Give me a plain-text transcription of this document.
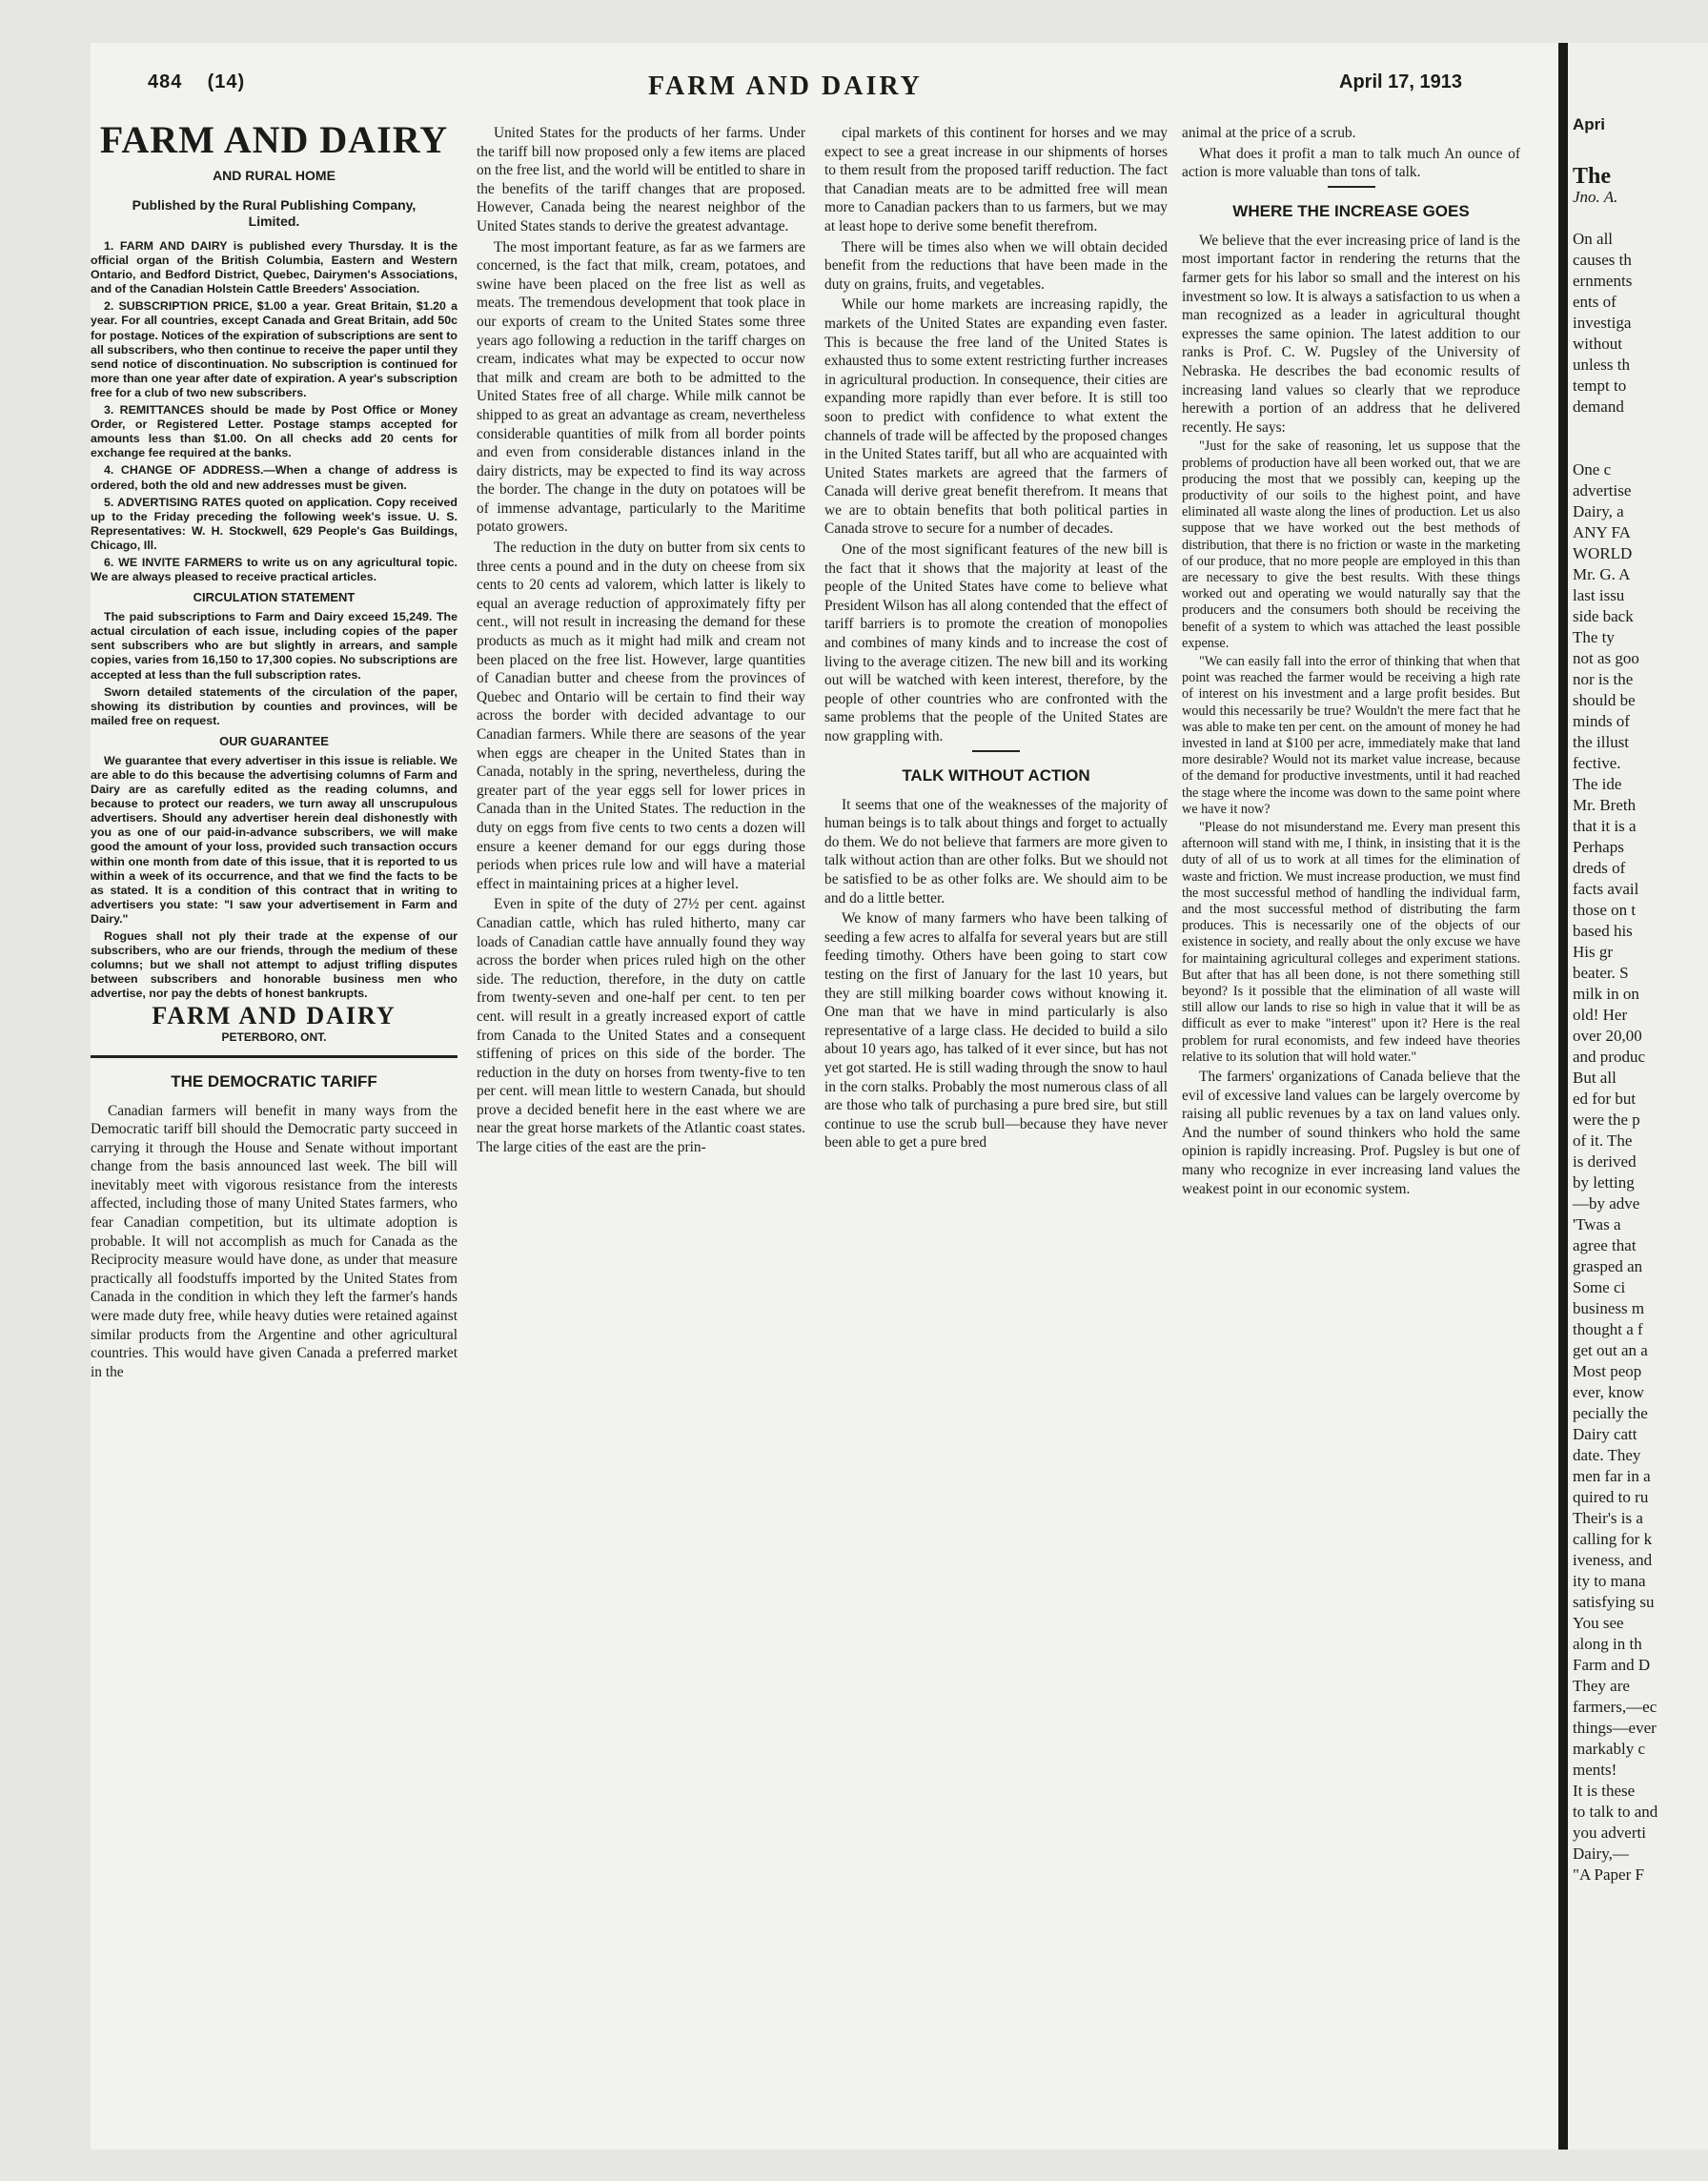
484 (14)	FARM AND DAIRY	April 17, 1913
FARM AND DAIRY
AND RURAL HOME
Published by the Rural Publishing Company, Limited.
1. FARM AND DAIRY is published every Thursday. It is the official organ of the British Columbia, Eastern and Western Ontario, and Bedford District, Quebec, Dairymen's Associations, and of the Canadian Holstein Cattle Breeders' Association.
2. SUBSCRIPTION PRICE, $1.00 a year. Great Britain, $1.20 a year. For all countries, except Canada and Great Britain, add 50c for postage. Notices of the expiration of subscriptions are sent to all subscribers, who then continue to receive the paper until they send notice of discontinuation. No subscription is continued for more than one year after date of expiration. A year's subscription free for a club of two new subscribers.
3. REMITTANCES should be made by Post Office or Money Order, or Registered Letter. Postage stamps accepted for amounts less than $1.00. On all checks add 20 cents for exchange fee required at the banks.
4. CHANGE OF ADDRESS.—When a change of address is ordered, both the old and new addresses must be given.
5. ADVERTISING RATES quoted on application. Copy received up to the Friday preceding the following week's issue. U. S. Representatives: W. H. Stockwell, 629 People's Gas Buildings, Chicago, Ill.
6. WE INVITE FARMERS to write us on any agricultural topic. We are always pleased to receive practical articles.
CIRCULATION STATEMENT
The paid subscriptions to Farm and Dairy exceed 15,249. The actual circulation of each issue, including copies of the paper sent subscribers who are but slightly in arrears, and sample copies, varies from 16,150 to 17,300 copies. No subscriptions are accepted at less than the full subscription rates.
Sworn detailed statements of the circulation of the paper, showing its distribution by counties and provinces, will be mailed free on request.
OUR GUARANTEE
We guarantee that every advertiser in this issue is reliable. We are able to do this because the advertising columns of Farm and Dairy are as carefully edited as the reading columns, and because to protect our readers, we turn away all unscrupulous advertisers. Should any advertiser herein deal dishonestly with you as one of our paid-in-advance subscribers, we will make good the amount of your loss, provided such transaction occurs within one month from date of this issue, that it is reported to us within a week of its occurrence, and that we find the facts to be as stated. It is a condition of this contract that in writing to advertisers you state: "I saw your advertisement in Farm and Dairy."
Rogues shall not ply their trade at the expense of our subscribers, who are our friends, through the medium of these columns; but we shall not attempt to adjust trifling disputes between subscribers and honorable business men who advertise, nor pay the debts of honest bankrupts.
FARM AND DAIRY
PETERBORO, ONT.
THE DEMOCRATIC TARIFF

Canadian farmers will benefit in many ways from the Democratic tariff bill should the Democratic party succeed in carrying it through the House and Senate without important change from the basis announced last week. The bill will inevitably meet with vigorous resistance from the interests affected, including those of many United States farmers, who fear Canadian competition, but its ultimate adoption is probable. It will not accomplish as much for Canada as the Reciprocity measure would have done, as under that measure practically all foodstuffs imported by the United States from Canada in the condition in which they left the farmer's hands were made duty free, while heavy duties were retained against similar products from the Argentine and other agricultural countries. This would have given Canada a preferred market in the

United States for the products of her farms. Under the tariff bill now proposed only a few items are placed on the free list, and the world will be entitled to share in the benefits of the tariff changes that are proposed. However, Canada being the nearest neighbor of the United States stands to derive the greatest advantage.

The most important feature, as far as we farmers are concerned, is the fact that milk, cream, potatoes, and swine have been placed on the free list as well as meats. The tremendous development that took place in our exports of cream to the United States some three years ago following a reduction in the tariff charges on cream, indicates what may be expected to occur now that milk and cream are both to be admitted to the United States free of all charge. While milk cannot be shipped to as great an advantage as cream, nevertheless considerable quantities of milk from all border points and even from considerable distances inland in the dairy districts, may be expected to find its way across the border. The change in the duty on potatoes will be of immense advantage, particularly to the Maritime potato growers.

The reduction in the duty on butter from six cents to three cents a pound and in the duty on cheese from six cents to 20 cents ad valorem, which latter is likely to equal an average reduction of approximately fifty per cent., will not result in increasing the demand for these products as much as it might had milk and cream not been placed on the free list. However, large quantities of Canadian butter and cheese from the provinces of Quebec and Ontario will be certain to find their way across the border with decided advantage to our Canadian farmers. While there are seasons of the year when eggs are cheaper in the United States than in Canada, notably in the spring, nevertheless, during the greater part of the year eggs sell for lower prices in Canada than in the United States. The reduction in the duty on eggs from five cents to two cents a dozen will ensure a keener demand for our eggs during those periods when prices rule low and will have a material effect in maintaining prices at a higher level.

Even in spite of the duty of 27½ per cent. against Canadian cattle, which has ruled hitherto, many car loads of Canadian cattle have annually found they way across the border when prices ruled high on the other side. The reduction, therefore, in the duty on cattle from twenty-seven and one-half per cent. to ten per cent. will result in a greatly increased export of cattle from Canada to the United States and a consequent stiffening of prices on this side of the border. The reduction in the duty on horses from twenty-five to ten per cent. will mean little to western Canada, but should prove a decided benefit here in the east where we are near the great horse markets of the Atlantic coast states. The large cities of the east are the prin-

cipal markets of this continent for horses and we may expect to see a great increase in our shipments of horses to them result from the proposed tariff reduction. The fact that Canadian meats are to be admitted free will mean more to Canadian packers than to us farmers, but we may at least hope to derive some benefit therefrom.

There will be times also when we will obtain decided benefit from the reductions that have been made in the duty on grains, fruits, and vegetables.

While our home markets are increasing rapidly, the markets of the United States are expanding even faster. This is because the free land of the United States is exhausted thus to some extent restricting further increases in agricultural production. In consequence, their cities are expanding more rapidly than ever before. It is still too soon to predict with confidence to what extent the channels of trade will be affected by the proposed changes in the United States tariff, but all who are acquainted with United States markets are agreed that the farmers of Canada will derive great benefit therefrom. It means that we are to obtain benefits that both political parties in Canada strove to secure for a number of decades.

One of the most significant features of the new bill is the fact that it shows that the majority at least of the people of the United States have come to believe what President Wilson has all along contended that the effect of tariff barriers is to promote the creation of monopolies and combines of many kinds and to increase the cost of living to the average citizen. The new bill and its working out will be watched with keen interest, therefore, by the people of other countries who are confronted with the same problems that the people of the United States are now grappling with.

TALK WITHOUT ACTION

It seems that one of the weaknesses of the majority of human beings is to talk about things and forget to actually do them. We do not believe that farmers are more given to talk without action than are other folks. But we should not be satisfied to be as other folks are. We should aim to be and do a little better.

We know of many farmers who have been talking of seeding a few acres to alfalfa for several years but are still feeding timothy. Others have been going to start cow testing on the first of January for the last 10 years, but they are still milking boarder cows without knowing it. One man that we have in mind particularly is also representative of a large class. He decided to build a silo about 10 years ago, has talked of it ever since, but has not yet got started. He is still wading through the snow to haul in the corn stalks. Probably the most numerous class of all are those who talk of purchasing a pure bred sire, but still continue to use the scrub bull—because they have never been able to get a pure bred

animal at the price of a scrub.

What does it profit a man to talk much An ounce of action is more valuable than tons of talk.

WHERE THE INCREASE GOES

We believe that the ever increasing price of land is the most important factor in rendering the returns that the farmer gets for his labor so small and the interest on his investment so low. It is always a satisfaction to us when a man recognized as a leader in agricultural thought expresses the same opinion. The latest addition to our ranks is Prof. C. W. Pugsley of the University of Nebraska. He describes the bad economic results of increasing land values so clearly that we reproduce herewith a portion of an address that he delivered recently. He says:

"Just for the sake of reasoning, let us suppose that the problems of production have all been worked out, that we are producing the most that we possibly can, keeping up the productivity of our soils to the highest point, and have eliminated all waste along the lines of production. Let us also suppose that we have worked out the best methods of distribution, that there is no friction or waste in the marketing of our produce, that no more people are employed in this than are necessary to give the best results. With these things worked out and operating we would naturally say that the producers and the consumers both should be receiving the benefit of a system to which was attached the least possible expense.

"We can easily fall into the error of thinking that when that point was reached the farmer would be receiving a high rate of interest on his investment and a large profit besides. But would this necessarily be true? Wouldn't the mere fact that he was able to make ten per cent. on the amount of money he had invested in land at $100 per acre, immediately make that land more desirable? Would not its market value increase, because of the demand for productive investments, until it had reached the stage where the income was down to the same point where we have it now?

"Please do not misunderstand me. Every man present this afternoon will stand with me, I think, in insisting that it is the duty of all of us to work at all times for the elimination of waste and friction. We must increase production, we must find the most successful method of handling the individual farm, and the most successful method of distributing the farm produces. This is necessarily one of the objects of our existence in society, and really about the only excuse we have for maintaining agricultural colleges and experiment stations. But after that has all been done, is not there something still beyond? Is it possible that the elimination of all waste will still allow our lands to rise so high in value that it will be as difficult as ever to make "interest" upon it? Here is the real problem for rural economists, and few indeed have theories relative to its solution that will hold water."

The farmers' organizations of Canada believe that the evil of excessive land values can be largely overcome by raising all public revenues by a tax on land values only. And the number of sound thinkers who hold the same opinion is rapidly increasing. Prof. Pugsley is but one of many who recognize in ever increasing land values the weakest point in our economic system.

Apri

The
Jno. A.

On all
causes th
ernments
ents of
investiga
without
unless th
tempt to
demand

One c
advertise
Dairy, a
ANY FA
WORLD
Mr. G. A
last issu
side back
The ty
not as goo
nor is the
should be
minds of
the illust
fective.
The ide
Mr. Breth
that it is a
Perhaps
dreds of
facts avail
those on t
based his
His gr
beater. S
milk in on
old! Her
over 20,00
and produc
But all
ed for but
were the p
of it. The
is derived
by letting
—by adve
'Twas a
agree that
grasped an
Some ci
business m
thought a f
get out an a
Most peop
ever, know
pecially the
Dairy catt
date. They
men far in a
quired to ru
Their's is a
calling for k
iveness, and
ity to mana
satisfying su
You see
along in th
Farm and D
They are
farmers,—ec
things—ever
markably c
ments!
It is these
to talk to and
you adverti
Dairy,—
"A Paper F
